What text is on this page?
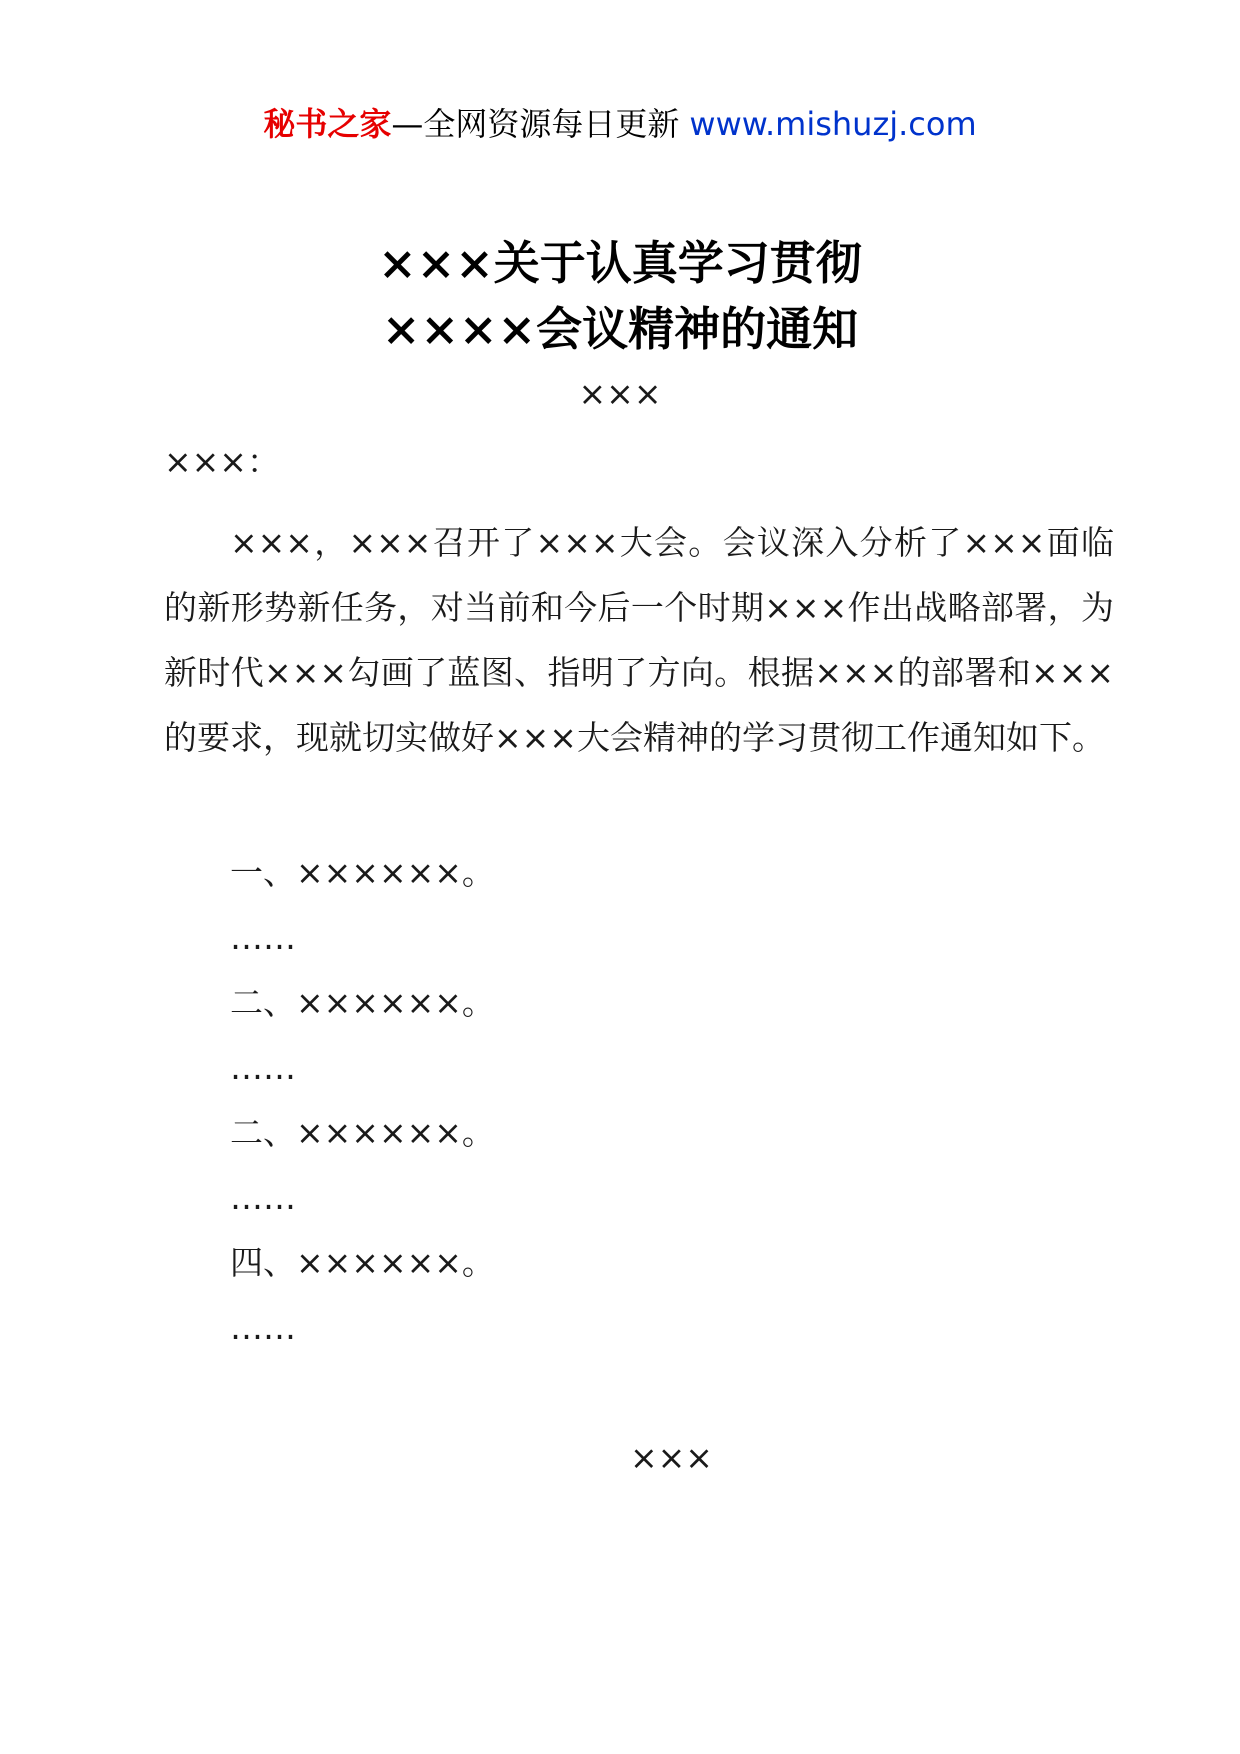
秘书之家—全网资源每日更新 www.mishuzj.com
×××关于认真学习贯彻
××××会议精神的通知
×××
×××：
×××，×××召开了×××大会。会议深入分析了×××面临的新形势新任务，对当前和今后一个时期×××作出战略部署，为新时代×××勾画了蓝图、指明了方向。根据×××的部署和×××的要求，现就切实做好×××大会精神的学习贯彻工作通知如下。
一、××××××。
……
二、××××××。
……
二、××××××。
……
四、××××××。
……
×××
